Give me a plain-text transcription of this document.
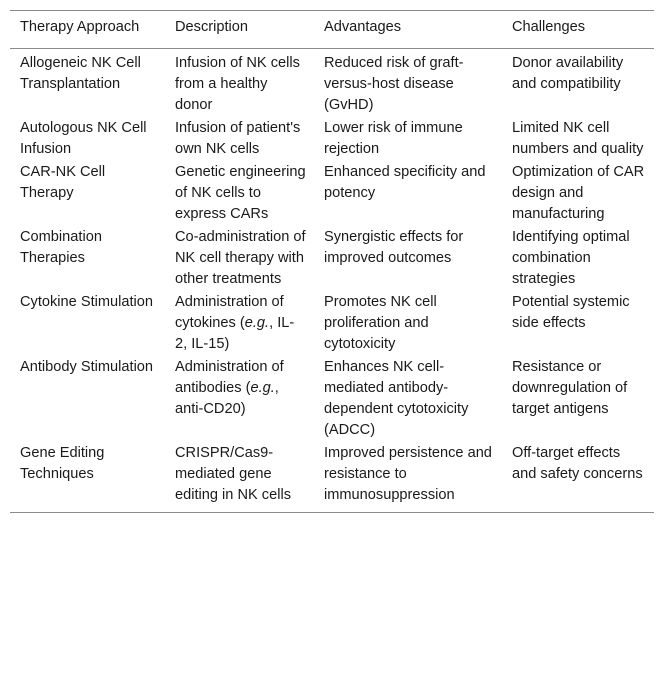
Therapy Approach	Description	Advantages	Challenges
Allogeneic NK Cell Transplantation	Infusion of NK cells from a healthy donor	Reduced risk of graft-versus-host disease (GvHD)	Donor availability and compatibility
Autologous NK Cell Infusion	Infusion of patient's own NK cells	Lower risk of immune rejection	Limited NK cell numbers and quality
CAR-NK Cell Therapy	Genetic engineering of NK cells to express CARs	Enhanced specificity and potency	Optimization of CAR design and manufacturing
Combination Therapies	Co-administration of NK cell therapy with other treatments	Synergistic effects for improved outcomes	Identifying optimal combination strategies
Cytokine Stimulation	Administration of cytokines (e.g., IL-2, IL-15)	Promotes NK cell proliferation and cytotoxicity	Potential systemic side effects
Antibody Stimulation	Administration of antibodies (e.g., anti-CD20)	Enhances NK cell-mediated antibody-dependent cytotoxicity (ADCC)	Resistance or downregulation of target antigens
Gene Editing Techniques	CRISPR/Cas9-mediated gene editing in NK cells	Improved persistence and resistance to immunosuppression	Off-target effects and safety concerns
